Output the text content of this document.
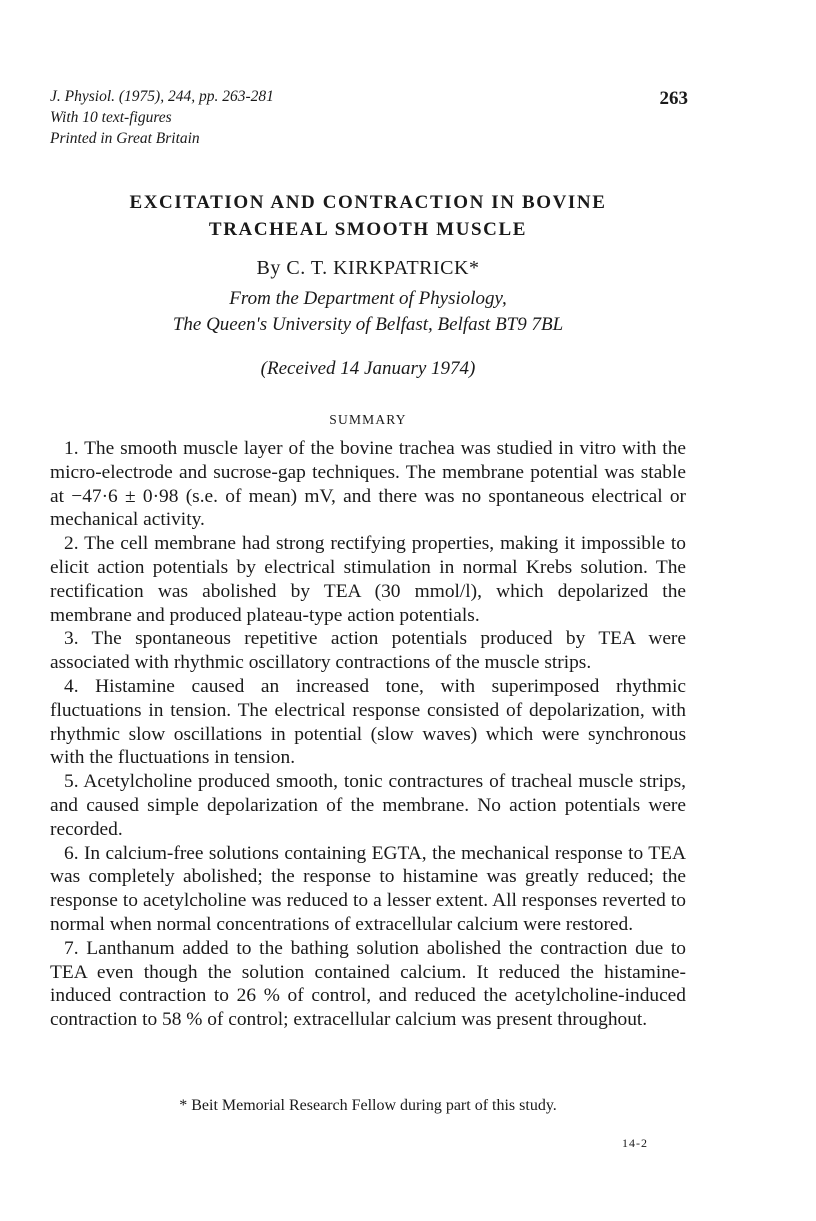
J. Physiol. (1975), 244, pp. 263-281
With 10 text-figures
Printed in Great Britain
263
EXCITATION AND CONTRACTION IN BOVINE
TRACHEAL SMOOTH MUSCLE
By C. T. KIRKPATRICK*
From the Department of Physiology,
The Queen's University of Belfast, Belfast BT9 7BL
(Received 14 January 1974)
SUMMARY

1. The smooth muscle layer of the bovine trachea was studied in vitro with the micro-electrode and sucrose-gap techniques. The membrane potential was stable at −47·6 ± 0·98 (s.e. of mean) mV, and there was no spontaneous electrical or mechanical activity.

2. The cell membrane had strong rectifying properties, making it impossible to elicit action potentials by electrical stimulation in normal Krebs solution. The rectification was abolished by TEA (30 mmol/l), which depolarized the membrane and produced plateau-type action potentials.

3. The spontaneous repetitive action potentials produced by TEA were associated with rhythmic oscillatory contractions of the muscle strips.

4. Histamine caused an increased tone, with superimposed rhythmic fluctuations in tension. The electrical response consisted of depolarization, with rhythmic slow oscillations in potential (slow waves) which were synchronous with the fluctuations in tension.

5. Acetylcholine produced smooth, tonic contractures of tracheal muscle strips, and caused simple depolarization of the membrane. No action potentials were recorded.

6. In calcium-free solutions containing EGTA, the mechanical response to TEA was completely abolished; the response to histamine was greatly reduced; the response to acetylcholine was reduced to a lesser extent. All responses reverted to normal when normal concentrations of extracellular calcium were restored.

7. Lanthanum added to the bathing solution abolished the contraction due to TEA even though the solution contained calcium. It reduced the histamine-induced contraction to 26 % of control, and reduced the acetylcholine-induced contraction to 58 % of control; extracellular calcium was present throughout.

* Beit Memorial Research Fellow during part of this study.
14-2
